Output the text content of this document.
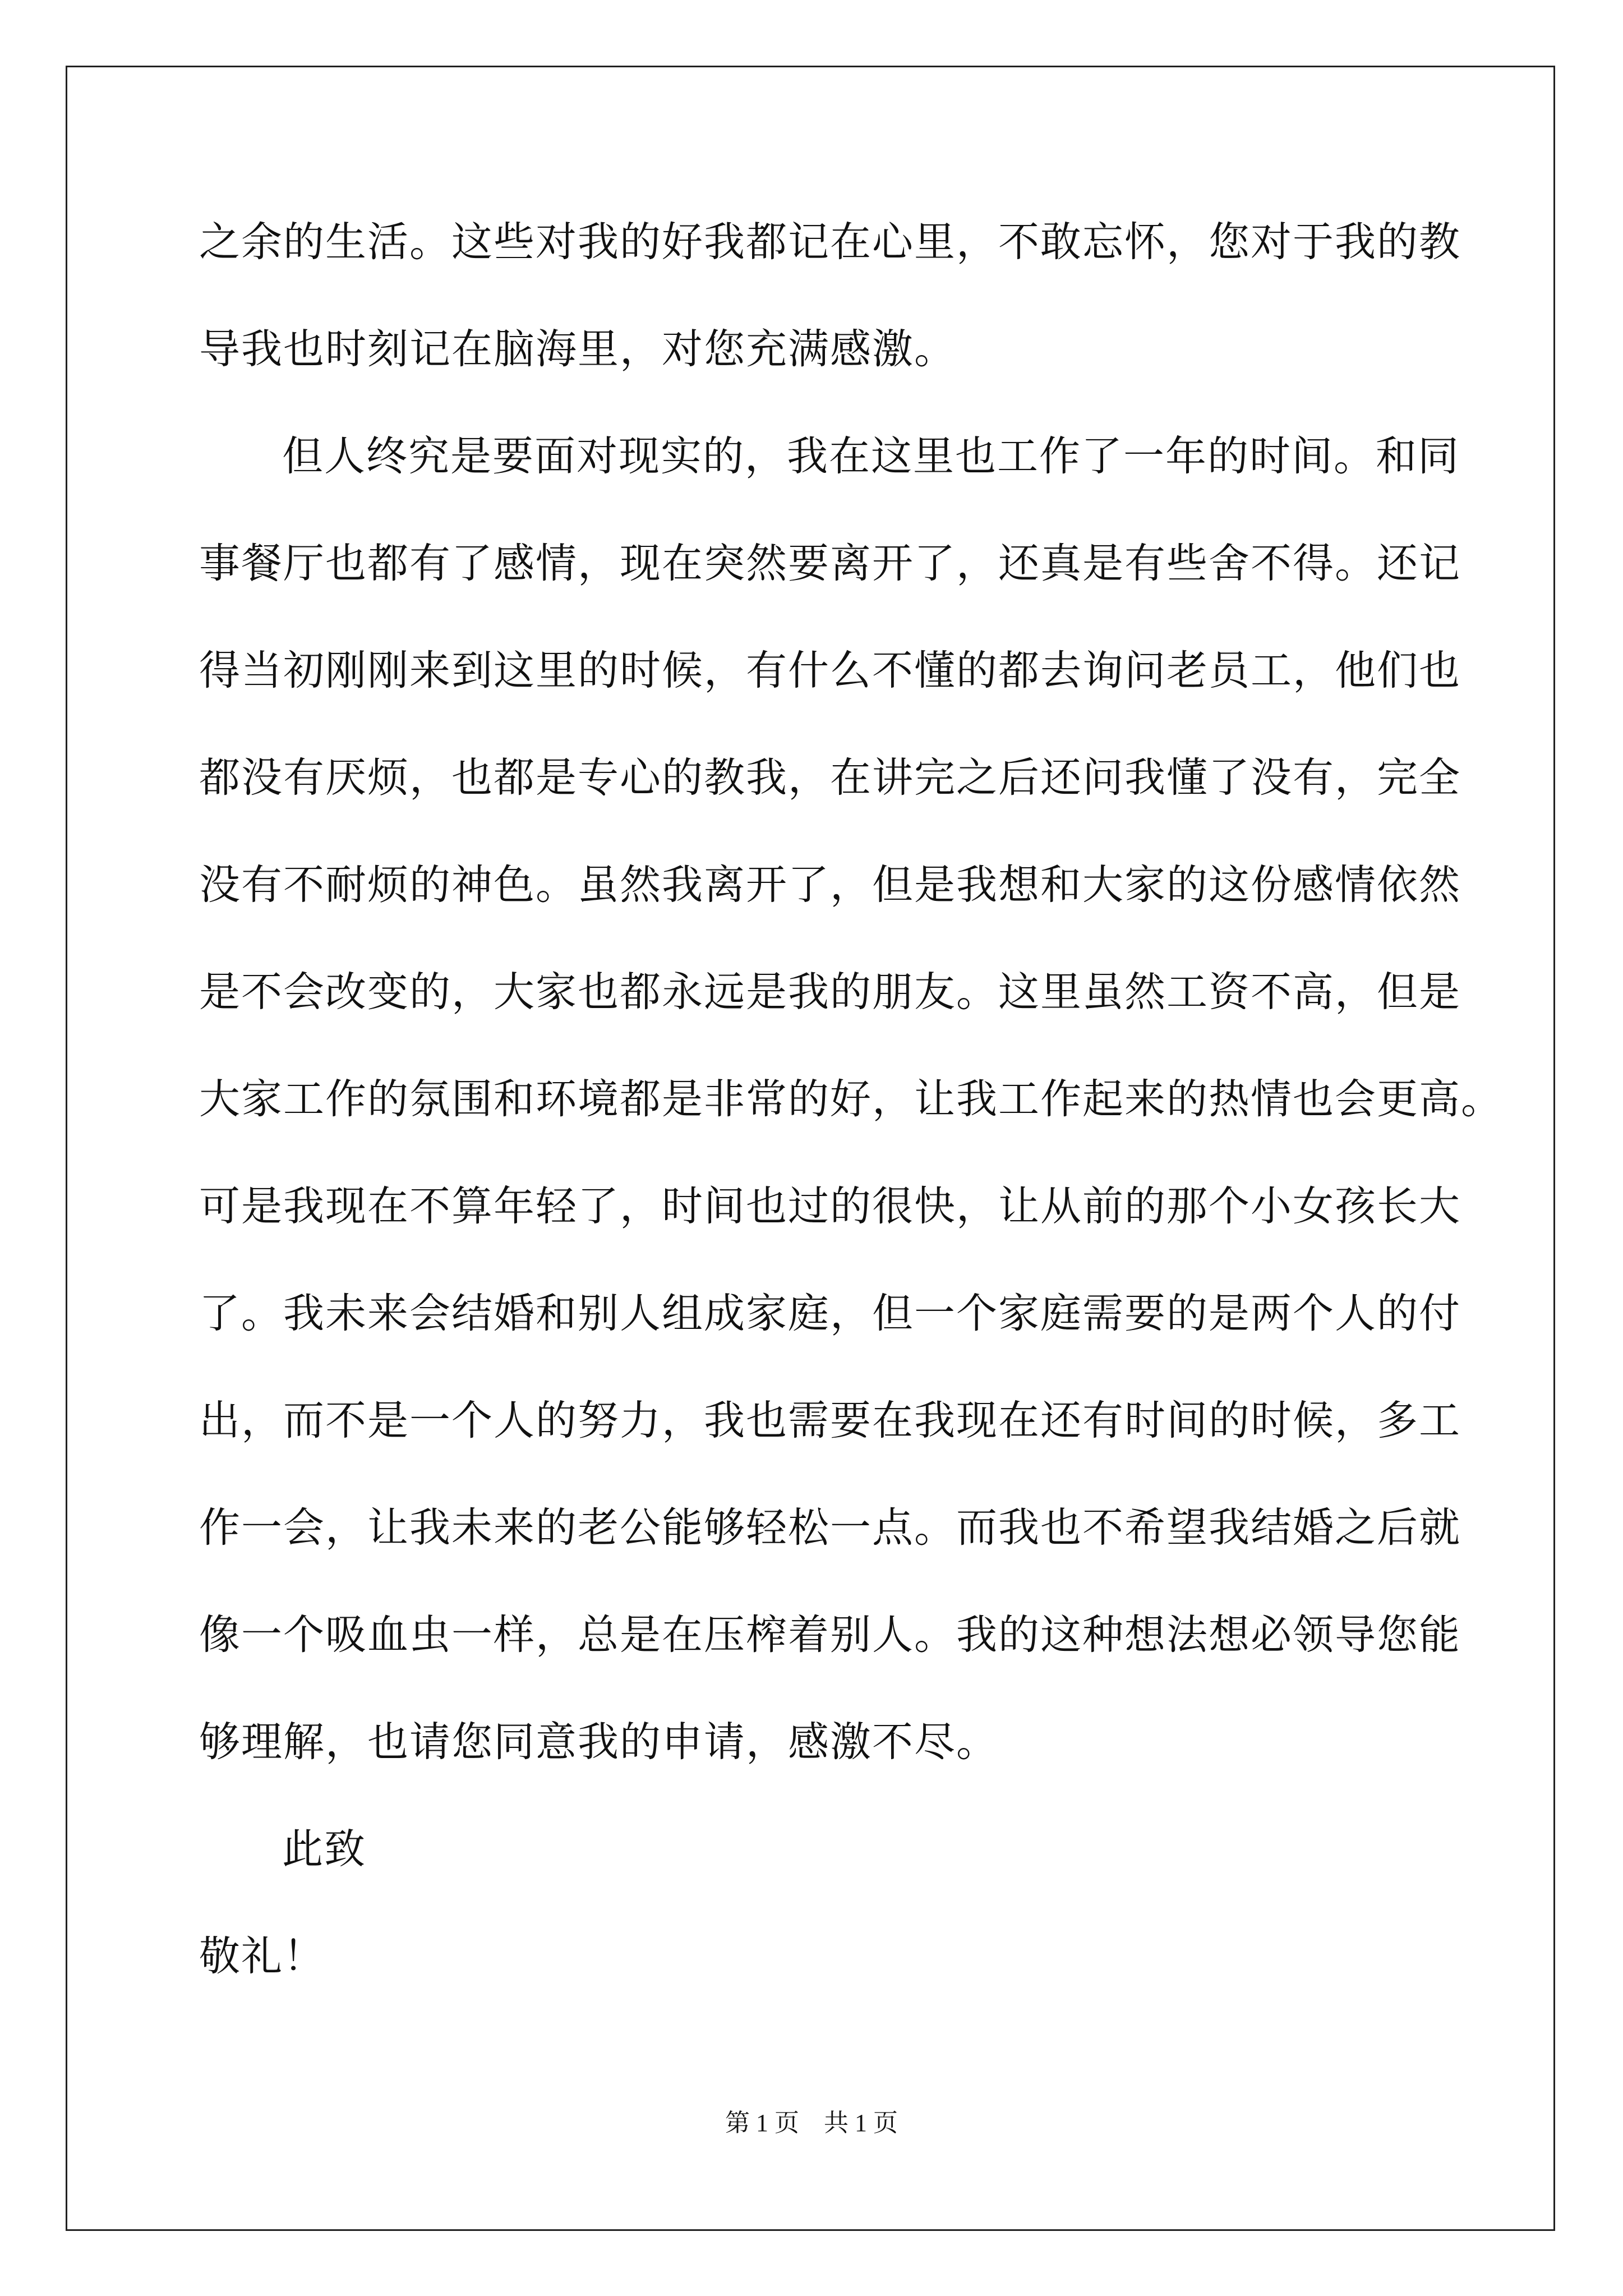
之余的生活。这些对我的好我都记在心里，不敢忘怀，您对于我的教
导我也时刻记在脑海里，对您充满感激。
但人终究是要面对现实的，我在这里也工作了一年的时间。和同
事餐厅也都有了感情，现在突然要离开了，还真是有些舍不得。还记
得当初刚刚来到这里的时候，有什么不懂的都去询问老员工，他们也
都没有厌烦，也都是专心的教我，在讲完之后还问我懂了没有，完全
没有不耐烦的神色。虽然我离开了，但是我想和大家的这份感情依然
是不会改变的，大家也都永远是我的朋友。这里虽然工资不高，但是
大家工作的氛围和环境都是非常的好，让我工作起来的热情也会更高。
可是我现在不算年轻了，时间也过的很快，让从前的那个小女孩长大
了。我未来会结婚和别人组成家庭，但一个家庭需要的是两个人的付
出，而不是一个人的努力，我也需要在我现在还有时间的时候，多工
作一会，让我未来的老公能够轻松一点。而我也不希望我结婚之后就
像一个吸血虫一样，总是在压榨着别人。我的这种想法想必领导您能
够理解，也请您同意我的申请，感激不尽。
此致
敬礼！
第 1 页　共 1 页
